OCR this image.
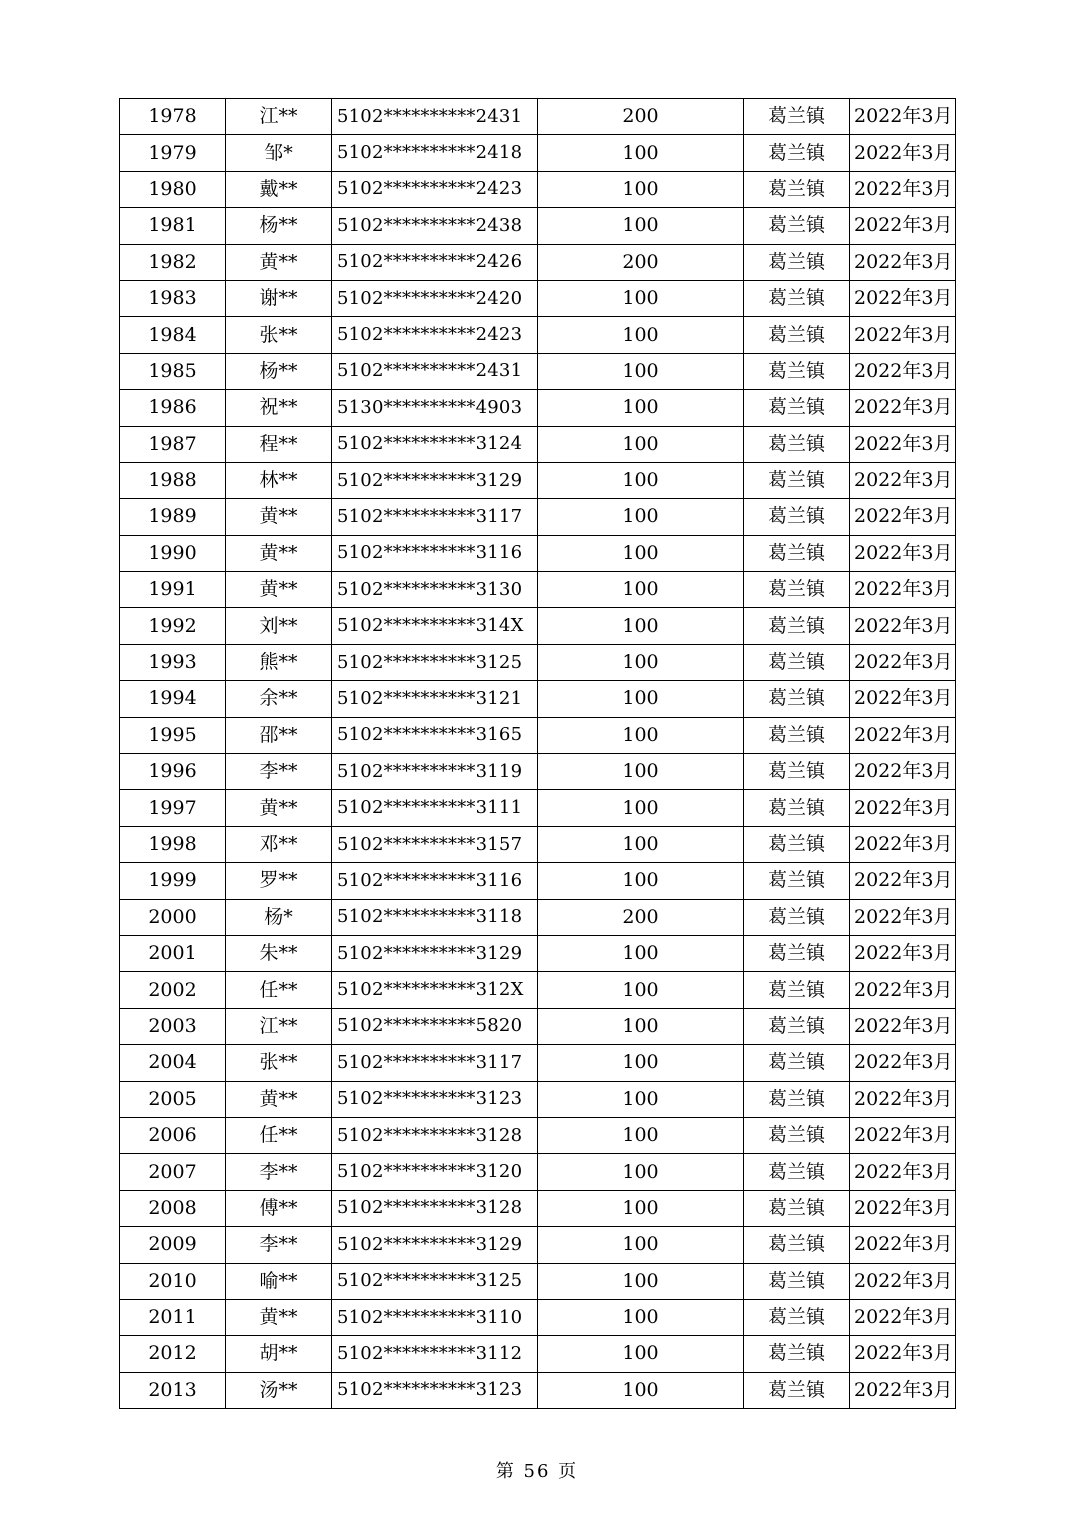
1978	江**	5102**********2431	200	葛兰镇	2022年3月
1979	邹*	5102**********2418	100	葛兰镇	2022年3月
1980	戴**	5102**********2423	100	葛兰镇	2022年3月
1981	杨**	5102**********2438	100	葛兰镇	2022年3月
1982	黄**	5102**********2426	200	葛兰镇	2022年3月
1983	谢**	5102**********2420	100	葛兰镇	2022年3月
1984	张**	5102**********2423	100	葛兰镇	2022年3月
1985	杨**	5102**********2431	100	葛兰镇	2022年3月
1986	祝**	5130**********4903	100	葛兰镇	2022年3月
1987	程**	5102**********3124	100	葛兰镇	2022年3月
1988	林**	5102**********3129	100	葛兰镇	2022年3月
1989	黄**	5102**********3117	100	葛兰镇	2022年3月
1990	黄**	5102**********3116	100	葛兰镇	2022年3月
1991	黄**	5102**********3130	100	葛兰镇	2022年3月
1992	刘**	5102**********314X	100	葛兰镇	2022年3月
1993	熊**	5102**********3125	100	葛兰镇	2022年3月
1994	余**	5102**********3121	100	葛兰镇	2022年3月
1995	邵**	5102**********3165	100	葛兰镇	2022年3月
1996	李**	5102**********3119	100	葛兰镇	2022年3月
1997	黄**	5102**********3111	100	葛兰镇	2022年3月
1998	邓**	5102**********3157	100	葛兰镇	2022年3月
1999	罗**	5102**********3116	100	葛兰镇	2022年3月
2000	杨*	5102**********3118	200	葛兰镇	2022年3月
2001	朱**	5102**********3129	100	葛兰镇	2022年3月
2002	任**	5102**********312X	100	葛兰镇	2022年3月
2003	江**	5102**********5820	100	葛兰镇	2022年3月
2004	张**	5102**********3117	100	葛兰镇	2022年3月
2005	黄**	5102**********3123	100	葛兰镇	2022年3月
2006	任**	5102**********3128	100	葛兰镇	2022年3月
2007	李**	5102**********3120	100	葛兰镇	2022年3月
2008	傅**	5102**********3128	100	葛兰镇	2022年3月
2009	李**	5102**********3129	100	葛兰镇	2022年3月
2010	喻**	5102**********3125	100	葛兰镇	2022年3月
2011	黄**	5102**********3110	100	葛兰镇	2022年3月
2012	胡**	5102**********3112	100	葛兰镇	2022年3月
2013	汤**	5102**********3123	100	葛兰镇	2022年3月
第 56 页
